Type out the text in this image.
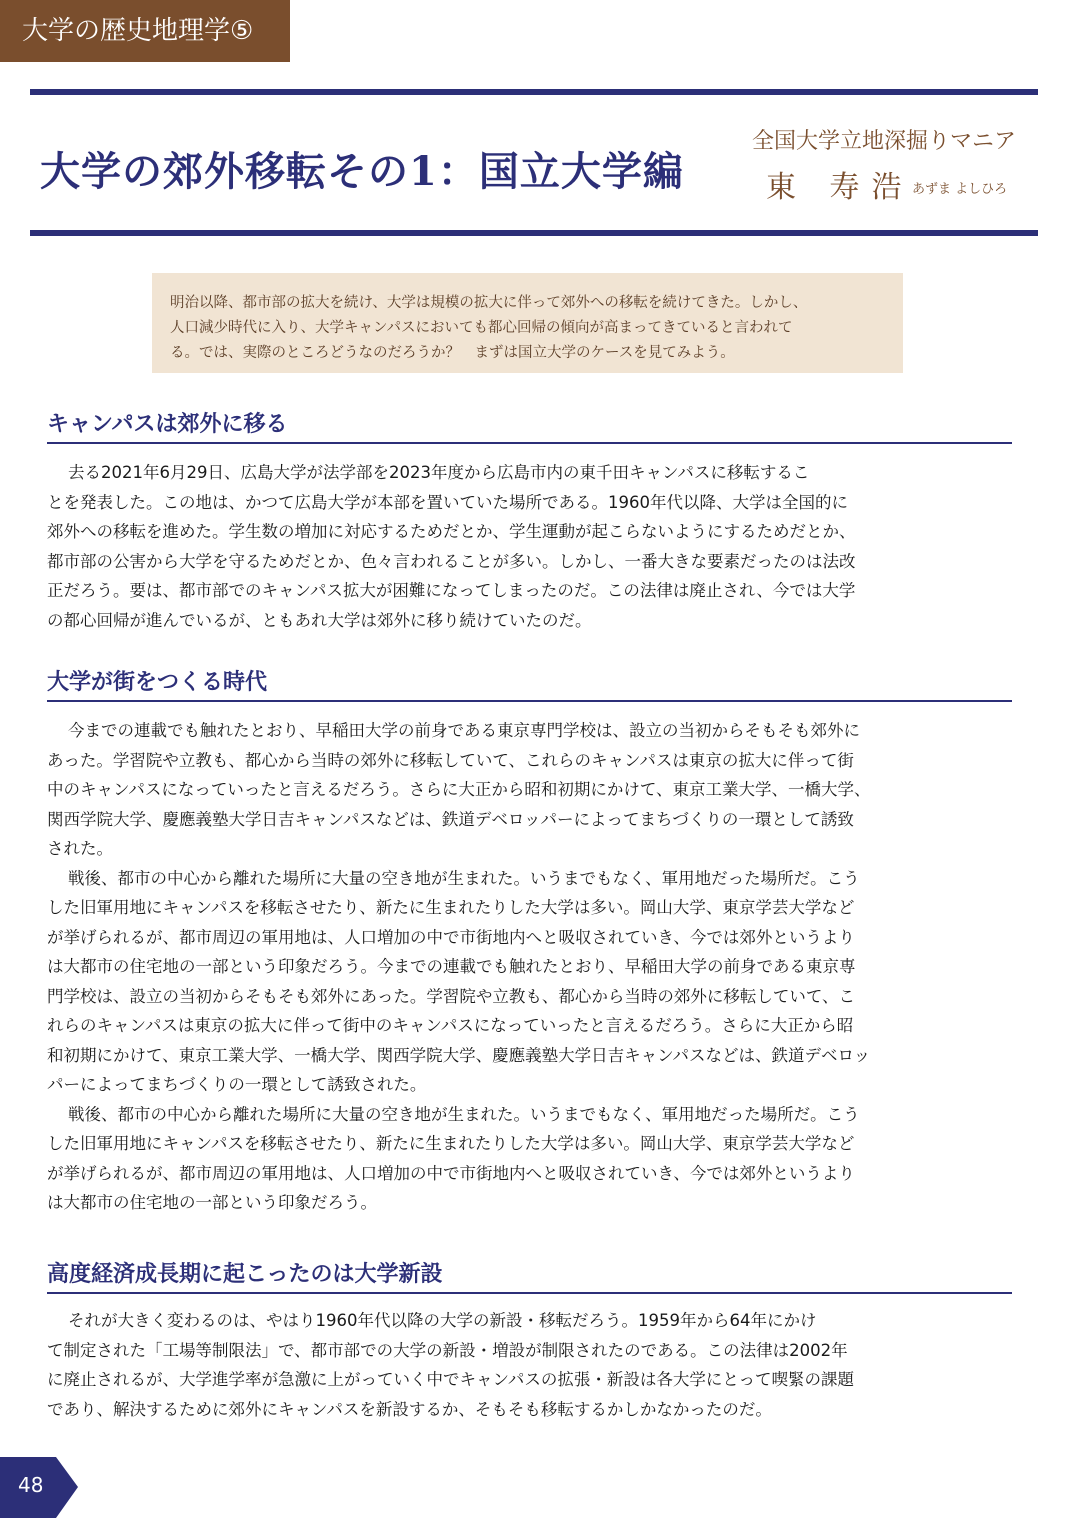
大学の歴史地理学⑤
大学の郊外移転その1：国立大学編
全国大学立地深掘りマニア
東 寿浩
あずま よしひろ
明治以降、都市部の拡大を続け、大学は規模の拡大に伴って郊外への移転を続けてきた。しかし、
人口減少時代に入り、大学キャンパスにおいても都心回帰の傾向が高まってきていると言われて
る。では、実際のところどうなのだろうか？　まずは国立大学のケースを見てみよう。
キャンパスは郊外に移る
去る2021年6月29日、広島大学が法学部を2023年度から広島市内の東千田キャンパスに移転するこ
とを発表した。この地は、かつて広島大学が本部を置いていた場所である。1960年代以降、大学は全国的に
郊外への移転を進めた。学生数の増加に対応するためだとか、学生運動が起こらないようにするためだとか、
都市部の公害から大学を守るためだとか、色々言われることが多い。しかし、一番大きな要素だったのは法改
正だろう。要は、都市部でのキャンパス拡大が困難になってしまったのだ。この法律は廃止され、今では大学
の都心回帰が進んでいるが、ともあれ大学は郊外に移り続けていたのだ。
大学が街をつくる時代
今までの連載でも触れたとおり、早稲田大学の前身である東京専門学校は、設立の当初からそもそも郊外に
あった。学習院や立教も、都心から当時の郊外に移転していて、これらのキャンパスは東京の拡大に伴って街
中のキャンパスになっていったと言えるだろう。さらに大正から昭和初期にかけて、東京工業大学、一橋大学、
関西学院大学、慶應義塾大学日吉キャンパスなどは、鉄道デベロッパーによってまちづくりの一環として誘致
された。
戦後、都市の中心から離れた場所に大量の空き地が生まれた。いうまでもなく、軍用地だった場所だ。こう
した旧軍用地にキャンパスを移転させたり、新たに生まれたりした大学は多い。岡山大学、東京学芸大学など
が挙げられるが、都市周辺の軍用地は、人口増加の中で市街地内へと吸収されていき、今では郊外というより
は大都市の住宅地の一部という印象だろう。今までの連載でも触れたとおり、早稲田大学の前身である東京専
門学校は、設立の当初からそもそも郊外にあった。学習院や立教も、都心から当時の郊外に移転していて、こ
れらのキャンパスは東京の拡大に伴って街中のキャンパスになっていったと言えるだろう。さらに大正から昭
和初期にかけて、東京工業大学、一橋大学、関西学院大学、慶應義塾大学日吉キャンパスなどは、鉄道デベロッ
パーによってまちづくりの一環として誘致された。
戦後、都市の中心から離れた場所に大量の空き地が生まれた。いうまでもなく、軍用地だった場所だ。こう
した旧軍用地にキャンパスを移転させたり、新たに生まれたりした大学は多い。岡山大学、東京学芸大学など
が挙げられるが、都市周辺の軍用地は、人口増加の中で市街地内へと吸収されていき、今では郊外というより
は大都市の住宅地の一部という印象だろう。
高度経済成長期に起こったのは大学新設
それが大きく変わるのは、やはり1960年代以降の大学の新設・移転だろう。1959年から64年にかけ
て制定された「工場等制限法」で、都市部での大学の新設・増設が制限されたのである。この法律は2002年
に廃止されるが、大学進学率が急激に上がっていく中でキャンパスの拡張・新設は各大学にとって喫緊の課題
であり、解決するために郊外にキャンパスを新設するか、そもそも移転するかしかなかったのだ。
48
